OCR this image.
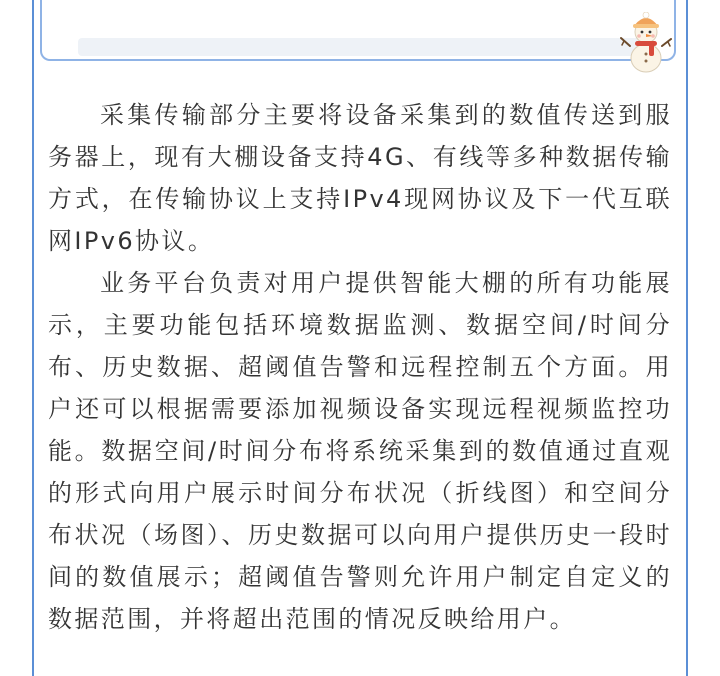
采集传输部分主要将设备采集到的数值传送到服务器上，现有大棚设备支持4G、有线等多种数据传输方式，在传输协议上支持IPv4现网协议及下一代互联网IPv6协议。

业务平台负责对用户提供智能大棚的所有功能展示，主要功能包括环境数据监测、数据空间/时间分布、历史数据、超阈值告警和远程控制五个方面。用户还可以根据需要添加视频设备实现远程视频监控功能。数据空间/时间分布将系统采集到的数值通过直观的形式向用户展示时间分布状况（折线图）和空间分布状况（场图）、历史数据可以向用户提供历史一段时间的数值展示；超阈值告警则允许用户制定自定义的数据范围，并将超出范围的情况反映给用户。
